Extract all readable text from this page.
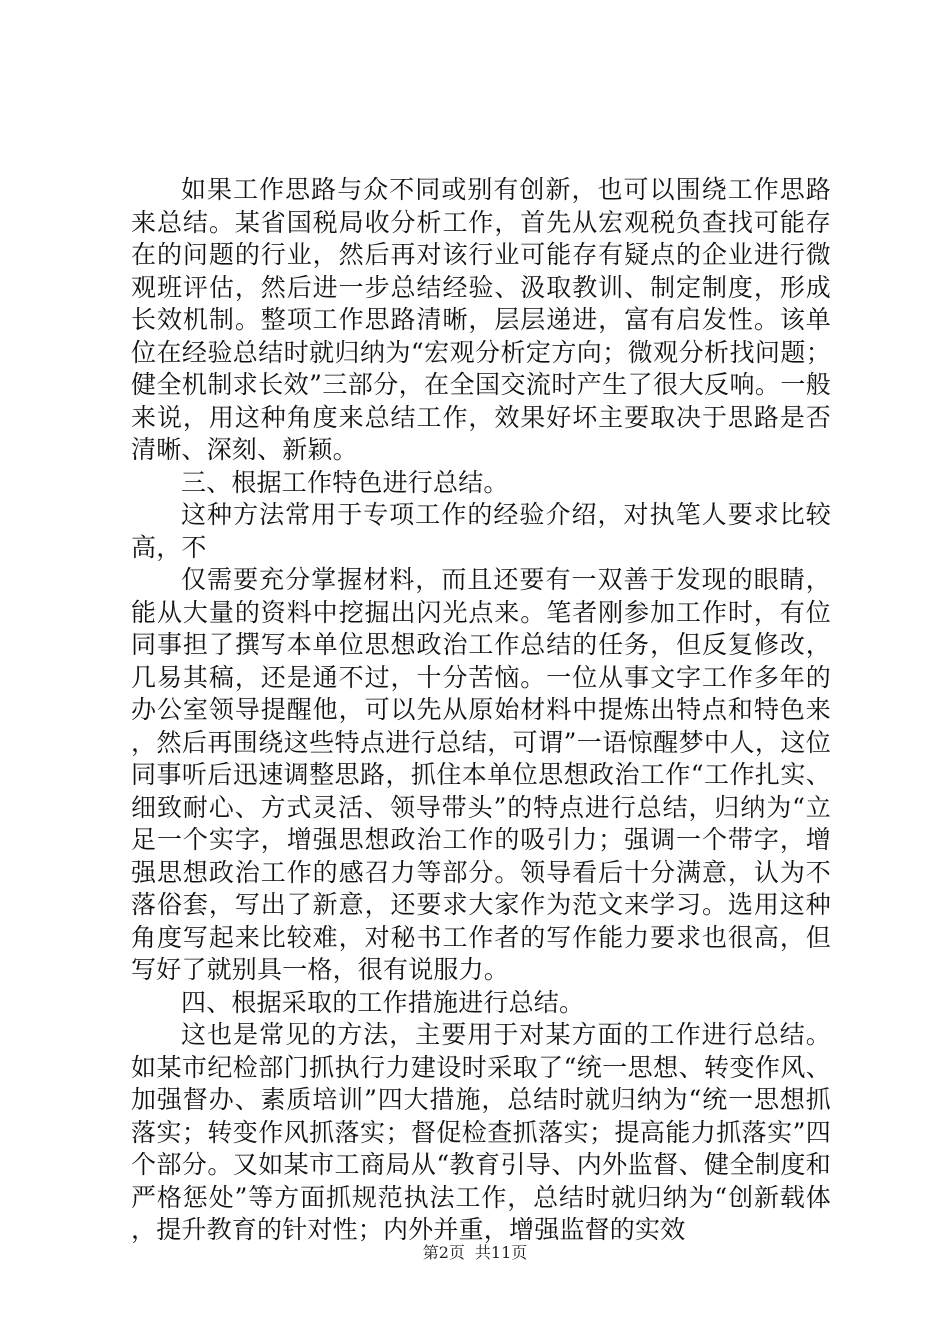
如果工作思路与众不同或别有创新，也可以围绕工作思路来总结。某省国税局收分析工作，首先从宏观税负查找可能存在的问题的行业，然后再对该行业可能存有疑点的企业进行微观班评估，然后进一步总结经验、汲取教训、制定制度，形成长效机制。整项工作思路清晰，层层递进，富有启发性。该单位在经验总结时就归纳为“宏观分析定方向；微观分析找问题；健全机制求长效”三部分，在全国交流时产生了很大反响。一般来说，用这种角度来总结工作，效果好坏主要取决于思路是否清晰、深刻、新颖。

三、根据工作特色进行总结。

这种方法常用于专项工作的经验介绍，对执笔人要求比较高，不

仅需要充分掌握材料，而且还要有一双善于发现的眼睛，能从大量的资料中挖掘出闪光点来。笔者刚参加工作时，有位同事担了撰写本单位思想政治工作总结的任务，但反复修改，几易其稿，还是通不过，十分苦恼。一位从事文字工作多年的办公室领导提醒他，可以先从原始材料中提炼出特点和特色来，然后再围绕这些特点进行总结，可谓”一语惊醒梦中人，这位同事听后迅速调整思路，抓住本单位思想政治工作“工作扎实、细致耐心、方式灵活、领导带头”的特点进行总结，归纳为“立足一个实字，增强思想政治工作的吸引力；强调一个带字，增强思想政治工作的感召力等部分。领导看后十分满意，认为不落俗套，写出了新意，还要求大家作为范文来学习。选用这种角度写起来比较难，对秘书工作者的写作能力要求也很高，但写好了就别具一格，很有说服力。

四、根据采取的工作措施进行总结。

这也是常见的方法，主要用于对某方面的工作进行总结。如某市纪检部门抓执行力建设时采取了“统一思想、转变作风、加强督办、素质培训”四大措施，总结时就归纳为“统一思想抓落实；转变作风抓落实；督促检查抓落实；提高能力抓落实”四个部分。又如某市工商局从“教育引导、内外监督、健全制度和严格惩处”等方面抓规范执法工作，总结时就归纳为“创新载体，提升教育的针对性；内外并重，增强监督的实效

第2页 共11页
